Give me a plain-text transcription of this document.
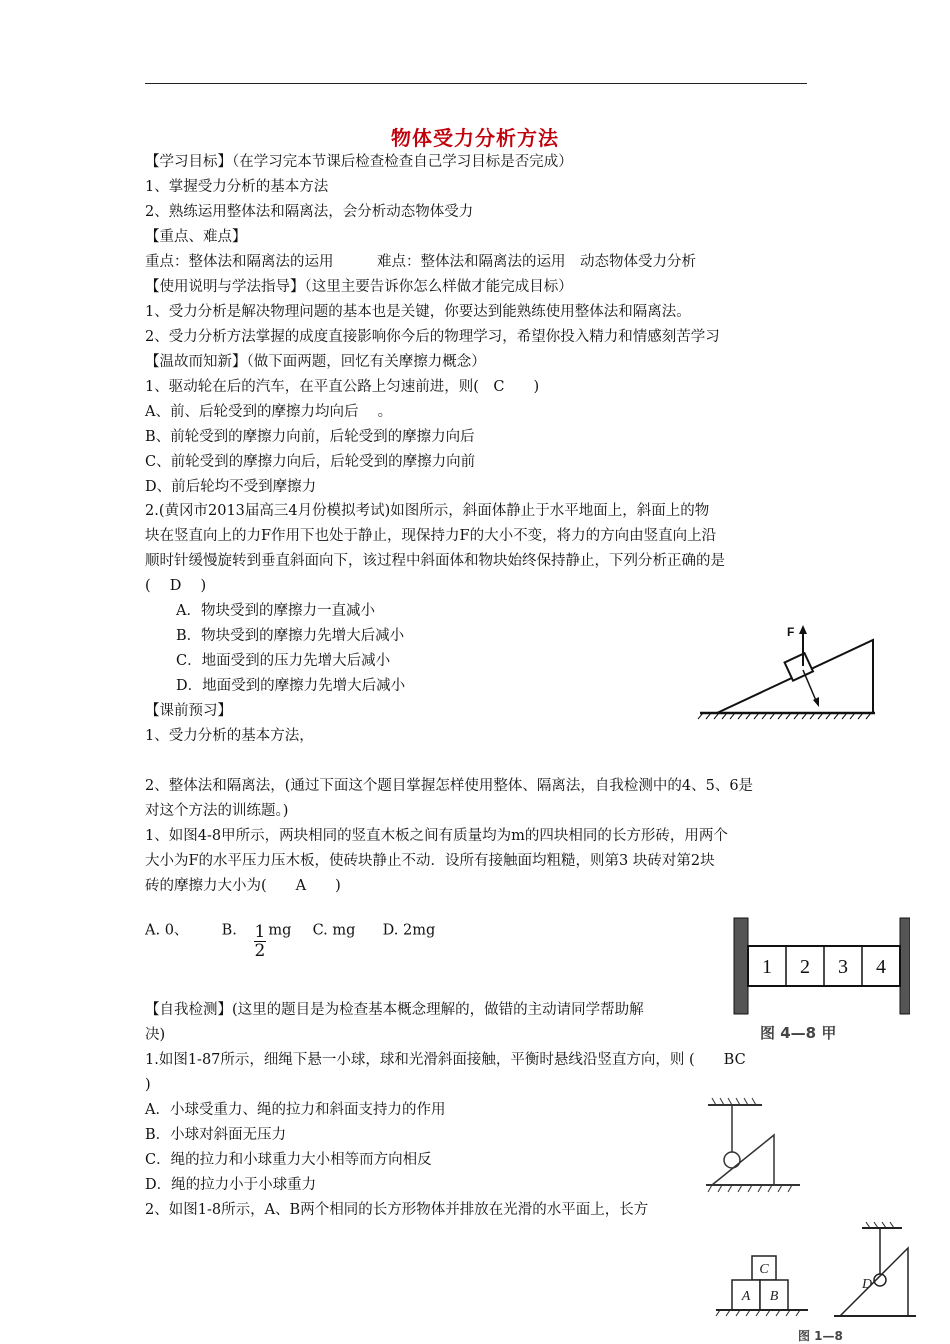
物体受力分析方法
【学习目标】（在学习完本节课后检查检查自己学习目标是否完成）
1、掌握受力分析的基本方法
2、熟练运用整体法和隔离法，会分析动态物体受力
【重点、难点】
重点：整体法和隔离法的运用　　　难点：整体法和隔离法的运用　动态物体受力分析
【使用说明与学法指导】（这里主要告诉你怎么样做才能完成目标）
1、受力分析是解决物理问题的基本也是关键，你要达到能熟练使用整体法和隔离法。
2、受力分析方法掌握的成度直接影响你今后的物理学习，希望你投入精力和情感刻苦学习
【温故而知新】（做下面两题，回忆有关摩擦力概念）
1、驱动轮在后的汽车，在平直公路上匀速前进，则(　C　　)
A、前、后轮受到的摩擦力均向后　 。
B、前轮受到的摩擦力向前，后轮受到的摩擦力向后
C、前轮受到的摩擦力向后，后轮受到的摩擦力向前
D、前后轮均不受到摩擦力
2.(黄冈市2013届高三4月份模拟考试)如图所示，斜面体静止于水平地面上，斜面上的物
块在竖直向上的力F作用下也处于静止，现保持力F的大小不变，将力的方向由竖直向上沿
顺时针缓慢旋转到垂直斜面向下，该过程中斜面体和物块始终保持静止，下列分析正确的是
(　 D　 )
A．物块受到的摩擦力一直减小
B．物块受到的摩擦力先增大后减小
C．地面受到的压力先增大后减小
D．地面受到的摩擦力先增大后减小
【课前预习】
1、受力分析的基本方法，
2、整体法和隔离法，(通过下面这个题目掌握怎样使用整体、隔离法，自我检测中的4、5、6是
对这个方法的训练题。)
1、如图4-8甲所示，两块相同的竖直木板之间有质量均为m的四块相同的长方形砖，用两个
大小为F的水平压力压木板，使砖块静止不动．设所有接触面均粗糙，则第3 块砖对第2块
砖的摩擦力大小为(　　A　　)
A. 0、 B. $\frac{1}{2}$ mg C. mg D. 2mg
【自我检测】(这里的题目是为检查基本概念理解的，做错的主动请同学帮助解
决)
1.如图1-87所示，细绳下悬一小球，球和光滑斜面接触，平衡时悬线沿竖直方向，则 (　　BC
)
A．小球受重力、绳的拉力和斜面支持力的作用
B．小球对斜面无压力
C．绳的拉力和小球重力大小相等而方向相反
D．绳的拉力小于小球重力
2、如图1-8所示，A、B两个相同的长方形物体并排放在光滑的水平面上，长方
F
1 2 3 4
图 4—8 甲
A B
C
D
图 1—8
